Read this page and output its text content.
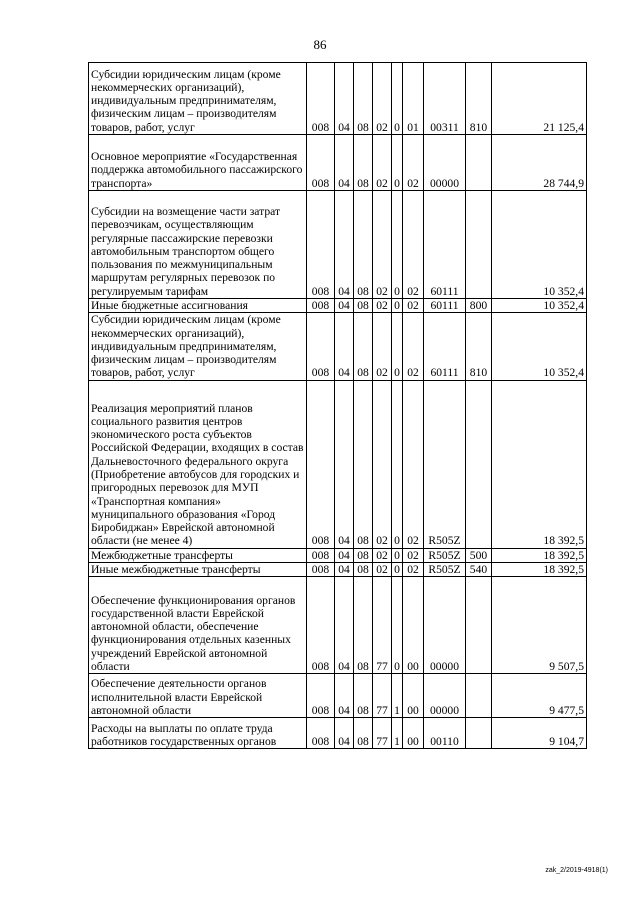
86
Субсидии юридическим лицам (кроме некоммерческих организаций), индивидуальным предпринимателям, физическим лицам – производителям товаров, работ, услуг	008	04	08	02	0	01	00311	810	21 125,4
Основное мероприятие «Государственная поддержка автомобильного пассажирского транспорта»	008	04	08	02	0	02	00000		28 744,9
Субсидии на возмещение части затрат перевозчикам, осуществляющим регулярные пассажирские перевозки автомобильным транспортом общего пользования по межмуниципальным маршрутам регулярных перевозок по регулируемым тарифам	008	04	08	02	0	02	60111		10 352,4
Иные бюджетные ассигнования	008	04	08	02	0	02	60111	800	10 352,4
Субсидии юридическим лицам (кроме некоммерческих организаций), индивидуальным предпринимателям, физическим лицам – производителям товаров, работ, услуг	008	04	08	02	0	02	60111	810	10 352,4
Реализация мероприятий планов социального развития центров экономического роста субъектов Российской Федерации, входящих в состав Дальневосточного федерального округа (Приобретение автобусов для городских и пригородных перевозок для МУП «Транспортная компания» муниципального образования «Город Биробиджан» Еврейской автономной области (не менее 4)	008	04	08	02	0	02	R505Z		18 392,5
Межбюджетные трансферты	008	04	08	02	0	02	R505Z	500	18 392,5
Иные межбюджетные трансферты	008	04	08	02	0	02	R505Z	540	18 392,5
Обеспечение функционирования органов государственной власти Еврейской автономной области, обеспечение функционирования отдельных казенных учреждений Еврейской автономной области	008	04	08	77	0	00	00000		9 507,5
Обеспечение деятельности органов исполнительной власти Еврейской автономной области	008	04	08	77	1	00	00000		9 477,5
Расходы на выплаты по оплате труда работников государственных органов	008	04	08	77	1	00	00110		9 104,7
zak_2/2019-4918(1)
